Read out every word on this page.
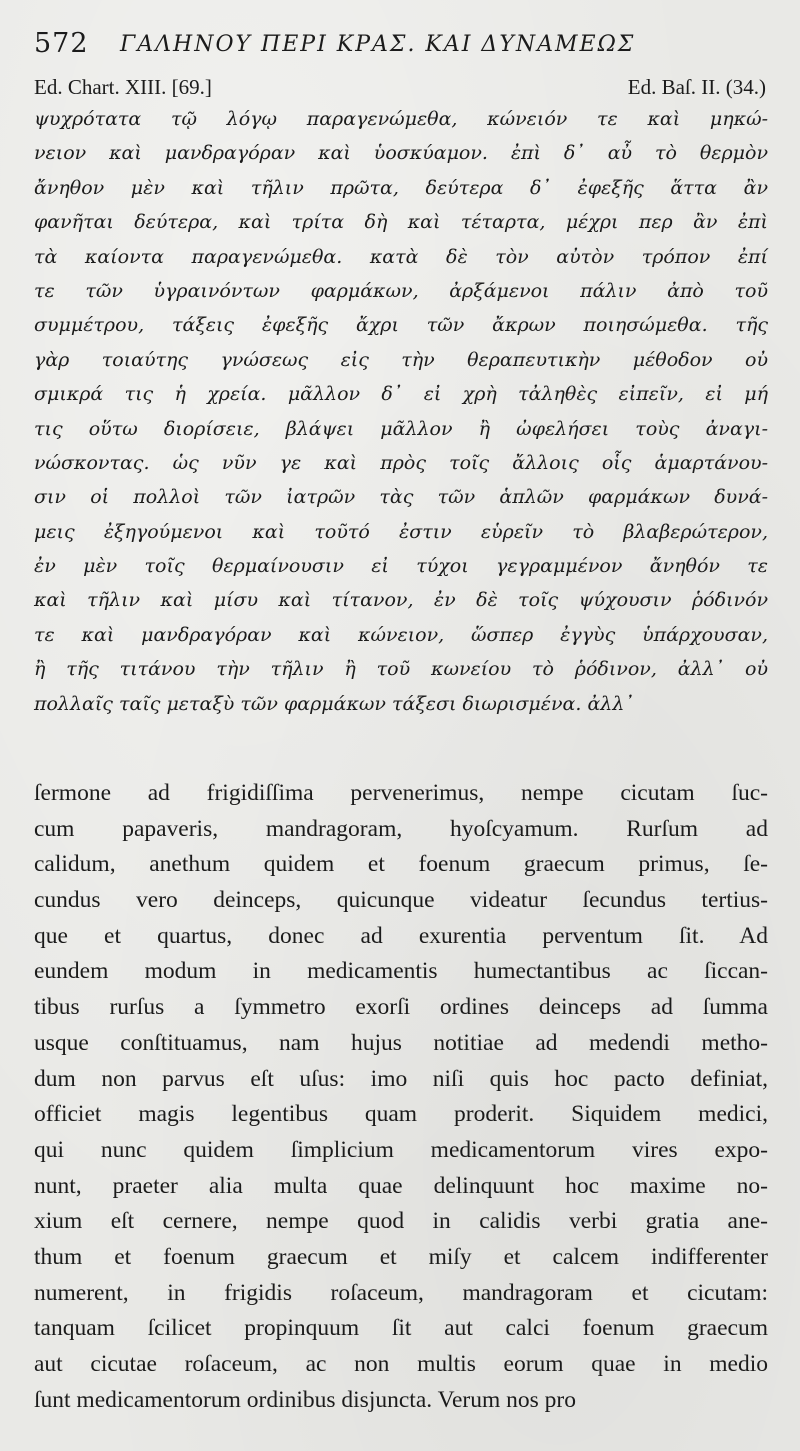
572 ΓΑΛΗΝΟΥ ΠΕΡΙ ΚΡΑΣ. ΚΑΙ ΔΥΝΑΜΕΩΣ
Ed. Chart. XIII. [69.]	Ed. Baſ. II. (34.)
ψυχρότατα τῷ λόγῳ παραγενώμεθα, κώνειόν τε καὶ μηκώ-
νειον καὶ μανδραγόραν καὶ ὑοσκύαμον. ἐπὶ δ᾽ αὖ τὸ θερμὸν
ἄνηθον μὲν καὶ τῆλιν πρῶτα, δεύτερα δ᾽ ἐφεξῆς ἅττα ἂν
φανῆται δεύτερα, καὶ τρίτα δὴ καὶ τέταρτα, μέχρι περ ἂν ἐπὶ
τὰ καίοντα παραγενώμεθα. κατὰ δὲ τὸν αὐτὸν τρόπον ἐπί
τε τῶν ὑγραινόντων φαρμάκων, ἀρξάμενοι πάλιν ἀπὸ τοῦ
συμμέτρου, τάξεις ἐφεξῆς ἄχρι τῶν ἄκρων ποιησώμεθα. τῆς
γὰρ τοιαύτης γνώσεως εἰς τὴν θεραπευτικὴν μέθοδον οὐ
σμικρά τις ἡ χρεία. μᾶλλον δ᾽ εἰ χρὴ τἀληθὲς εἰπεῖν, εἰ μή
τις οὕτω διορίσειε, βλάψει μᾶλλον ἢ ὠφελήσει τοὺς ἀναγι-
νώσκοντας. ὡς νῦν γε καὶ πρὸς τοῖς ἄλλοις οἷς ἁμαρτάνου-
σιν οἱ πολλοὶ τῶν ἰατρῶν τὰς τῶν ἁπλῶν φαρμάκων δυνά-
μεις ἐξηγούμενοι καὶ τοῦτό ἐστιν εὑρεῖν τὸ βλαβερώτερον,
ἐν μὲν τοῖς θερμαίνουσιν εἰ τύχοι γεγραμμένον ἄνηθόν τε
καὶ τῆλιν καὶ μίσυ καὶ τίτανον, ἐν δὲ τοῖς ψύχουσιν ῥόδινόν
τε καὶ μανδραγόραν καὶ κώνειον, ὥσπερ ἐγγὺς ὑπάρχουσαν,
ἢ τῆς τιτάνου τὴν τῆλιν ἢ τοῦ κωνείου τὸ ῥόδινον, ἀλλ᾽ οὐ
πολλαῖς ταῖς μεταξὺ τῶν φαρμάκων τάξεσι διωρισμένα. ἀλλ᾽
ſermone ad frigidiſſima pervenerimus, nempe cicutam ſuc-
cum papaveris, mandragoram, hyoſcyamum. Rurſum ad
calidum, anethum quidem et foenum graecum primus, ſe-
cundus vero deinceps, quicunque videatur ſecundus tertius-
que et quartus, donec ad exurentia perventum ſit. Ad
eundem modum in medicamentis humectantibus ac ſiccan-
tibus rurſus a ſymmetro exorſi ordines deinceps ad ſumma
usque conſtituamus, nam hujus notitiae ad medendi metho-
dum non parvus eſt uſus: imo niſi quis hoc pacto definiat,
officiet magis legentibus quam proderit. Siquidem medici,
qui nunc quidem ſimplicium medicamentorum vires expo-
nunt, praeter alia multa quae delinquunt hoc maxime no-
xium eſt cernere, nempe quod in calidis verbi gratia ane-
thum et foenum graecum et miſy et calcem indifferenter
numerent, in frigidis roſaceum, mandragoram et cicutam:
tanquam ſcilicet propinquum ſit aut calci foenum graecum
aut cicutae roſaceum, ac non multis eorum quae in medio
ſunt medicamentorum ordinibus disjuncta. Verum nos pro
